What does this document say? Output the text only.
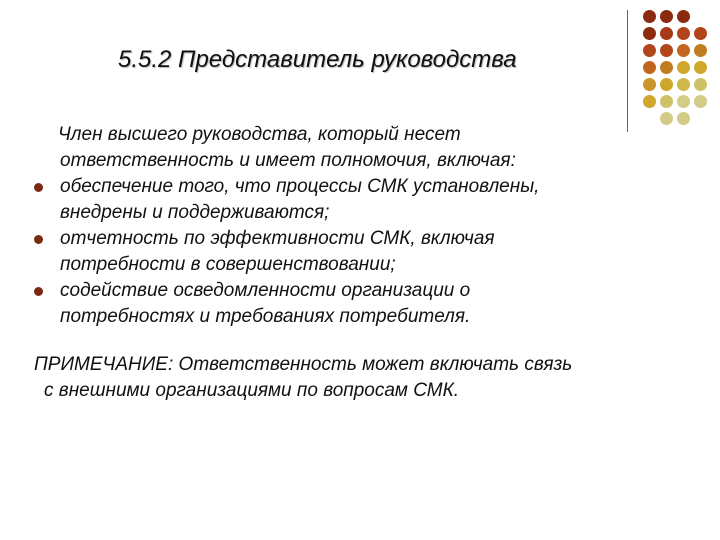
5.5.2 Представитель руководства
Член высшего руководства, который несет
ответственность и имеет полномочия, включая:
обеспечение того, что процессы СМК установлены,
внедрены и поддерживаются;
отчетность по эффективности СМК, включая
потребности в совершенствовании;
содействие осведомленности организации о
потребностях и требованиях потребителя.
ПРИМЕЧАНИЕ: Ответственность может включать связь
с внешними организациями по вопросам СМК.
